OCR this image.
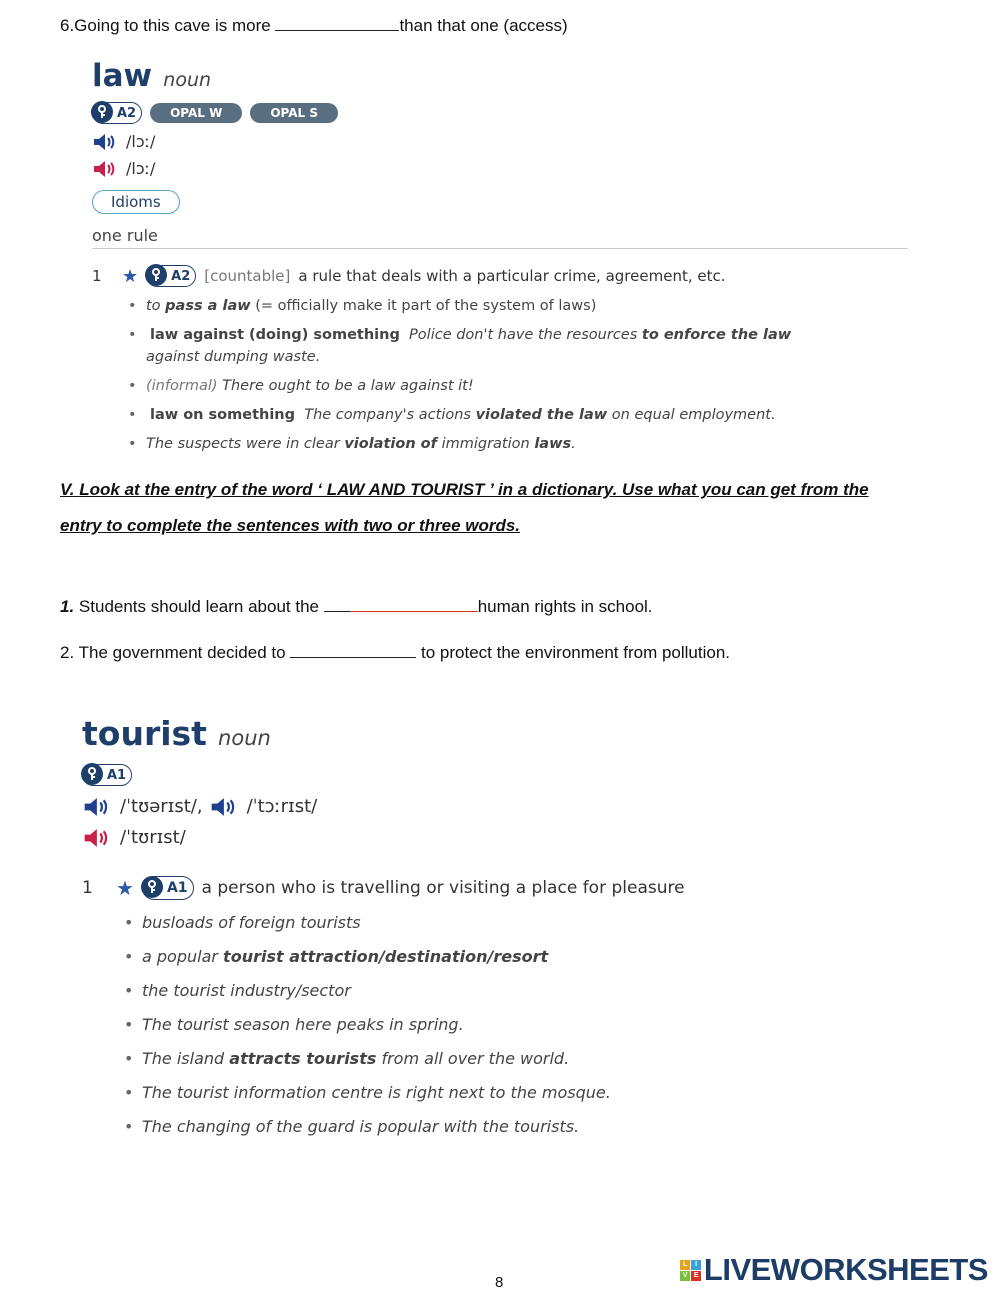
6.Going to this cave is more	than that one (access)
law noun
A2	OPAL W	OPAL S
/lɔː/
/lɔː/
Idioms
one rule
1	★	A2 [countable] a rule that deals with a particular crime, agreement, etc.
• to pass a law (= officially make it part of the system of laws)
• law against (doing) something Police don't have the resources to enforce the law
against dumping waste.
• (informal) There ought to be a law against it!
• law on something The company's actions violated the law on equal employment.
• The suspects were in clear violation of immigration laws.
V. Look at the entry of the word ‘ LAW AND TOURIST ’ in a dictionary. Use what you can get from the
entry to complete the sentences with two or three words.
1. Students should learn about the	human rights in school.
2. The government decided to	to protect the environment from pollution.
tourist noun
A1
/ˈtʊərɪst/, /ˈtɔːrɪst/
/ˈtʊrɪst/
1	★ A1 a person who is travelling or visiting a place for pleasure
• busloads of foreign tourists
• a popular tourist attraction/destination/resort
• the tourist industry/sector
• The tourist season here peaks in spring.
• The island attracts tourists from all over the world.
• The tourist information centre is right next to the mosque.
• The changing of the guard is popular with the tourists.
8
L	I
V E LIVEWORKSHEETS
